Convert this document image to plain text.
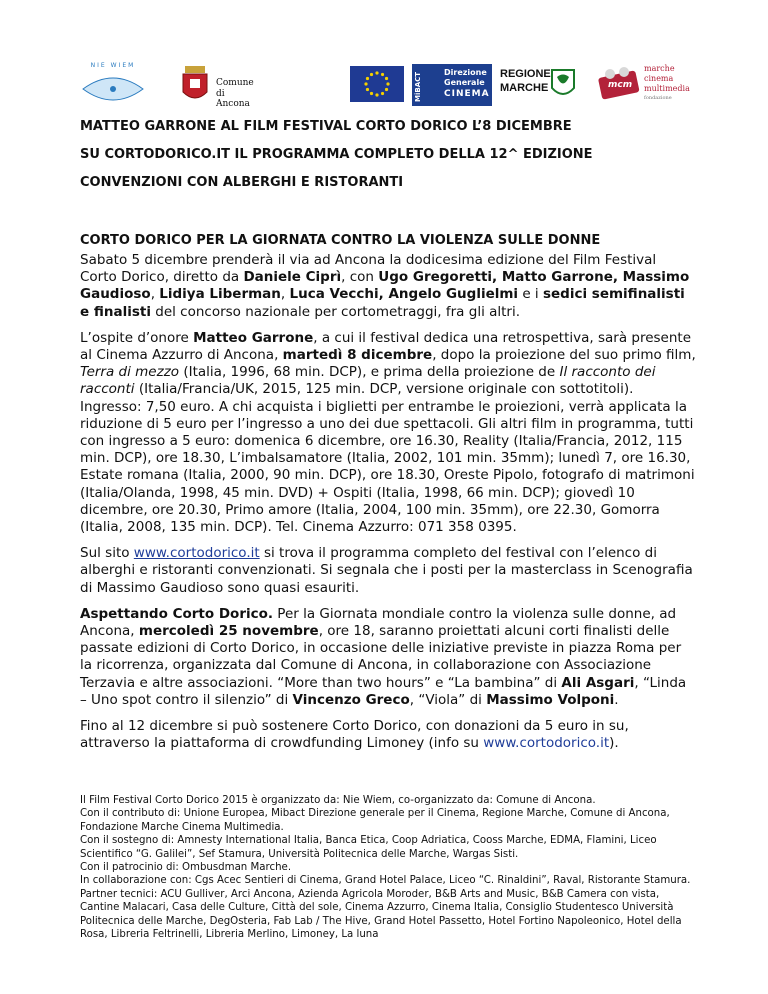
NIE WIEM
Comune
di Ancona
MiBACT	Direzione
Generale
CINEMA
REGIONE
MARCHE	mcm
marche
cinema
multimedia
fondazione

MATTEO GARRONE AL FILM FESTIVAL CORTO DORICO L’8 DICEMBRE

SU CORTODORICO.IT IL PROGRAMMA COMPLETO DELLA 12^ EDIZIONE

CONVENZIONI CON ALBERGHI E RISTORANTI

CORTO DORICO PER LA GIORNATA CONTRO LA VIOLENZA SULLE DONNE

Sabato 5 dicembre prenderà il via ad Ancona la dodicesima edizione del Film Festival Corto Dorico, diretto da Daniele Ciprì, con Ugo Gregoretti, Matto Garrone, Massimo Gaudioso, Lidiya Liberman, Luca Vecchi, Angelo Guglielmi e i sedici semifinalisti e finalisti del concorso nazionale per cortometraggi, fra gli altri.

L’ospite d’onore Matteo Garrone, a cui il festival dedica una retrospettiva, sarà presente al Cinema Azzurro di Ancona, martedì 8 dicembre, dopo la proiezione del suo primo film, Terra di mezzo (Italia, 1996, 68 min. DCP), e prima della proiezione de Il racconto dei racconti (Italia/Francia/UK, 2015, 125 min. DCP, versione originale con sottotitoli). Ingresso: 7,50 euro. A chi acquista i biglietti per entrambe le proiezioni, verrà applicata la riduzione di 5 euro per l’ingresso a uno dei due spettacoli. Gli altri film in programma, tutti con ingresso a 5 euro: domenica 6 dicembre, ore 16.30, Reality (Italia/Francia, 2012, 115 min. DCP), ore 18.30, L’imbalsamatore (Italia, 2002, 101 min. 35mm); lunedì 7, ore 16.30, Estate romana (Italia, 2000, 90 min. DCP), ore 18.30, Oreste Pipolo, fotografo di matrimoni (Italia/Olanda, 1998, 45 min. DVD) + Ospiti (Italia, 1998, 66 min. DCP); giovedì 10 dicembre, ore 20.30, Primo amore (Italia, 2004, 100 min. 35mm), ore 22.30, Gomorra (Italia, 2008, 135 min. DCP). Tel. Cinema Azzurro: 071 358 0395.

Sul sito www.cortodorico.it si trova il programma completo del festival con l’elenco di alberghi e ristoranti convenzionati. Si segnala che i posti per la masterclass in Scenografia di Massimo Gaudioso sono quasi esauriti.

Aspettando Corto Dorico. Per la Giornata mondiale contro la violenza sulle donne, ad Ancona, mercoledì 25 novembre, ore 18, saranno proiettati alcuni corti finalisti delle passate edizioni di Corto Dorico, in occasione delle iniziative previste in piazza Roma per la ricorrenza, organizzata dal Comune di Ancona, in collaborazione con Associazione Terzavia e altre associazioni. “More than two hours” e “La bambina” di Ali Asgari, “Linda – Uno spot contro il silenzio” di Vincenzo Greco, “Viola” di Massimo Volponi.

Fino al 12 dicembre si può sostenere Corto Dorico, con donazioni da 5 euro in su, attraverso la piattaforma di crowdfunding Limoney (info su www.cortodorico.it).

Il Film Festival Corto Dorico 2015 è organizzato da: Nie Wiem, co-organizzato da: Comune di Ancona.

Con il contributo di: Unione Europea, Mibact Direzione generale per il Cinema, Regione Marche, Comune di Ancona, Fondazione Marche Cinema Multimedia.

Con il sostegno di: Amnesty International Italia, Banca Etica, Coop Adriatica, Cooss Marche, EDMA, Flamini, Liceo Scientifico “G. Galilei”, Sef Stamura, Università Politecnica delle Marche, Wargas Sisti.

Con il patrocinio di: Ombusdman Marche.

In collaborazione con: Cgs Acec Sentieri di Cinema, Grand Hotel Palace, Liceo “C. Rinaldini”, Raval, Ristorante Stamura.

Partner tecnici: ACU Gulliver, Arci Ancona, Azienda Agricola Moroder, B&B Arts and Music, B&B Camera con vista, Cantine Malacari, Casa delle Culture, Città del sole, Cinema Azzurro, Cinema Italia, Consiglio Studentesco Università Politecnica delle Marche, DegOsteria, Fab Lab / The Hive, Grand Hotel Passetto, Hotel Fortino Napoleonico, Hotel della Rosa, Libreria Feltrinelli, Libreria Merlino, Limoney, La luna
